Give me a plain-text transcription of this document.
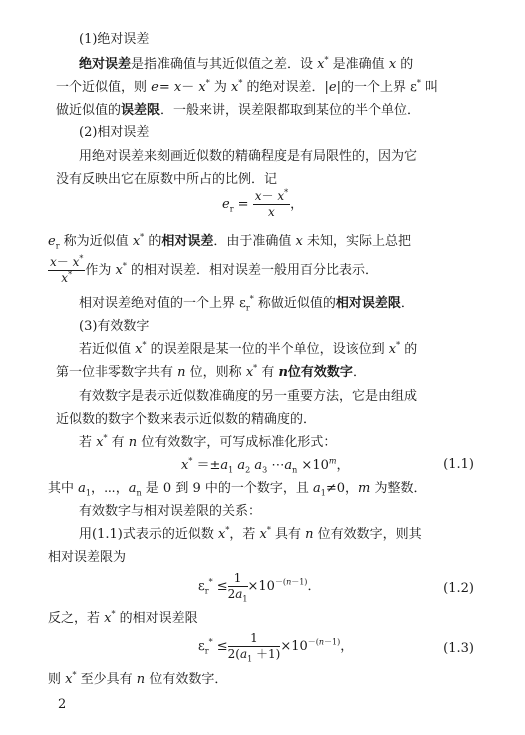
(1)绝对误差
绝对误差是指准确值与其近似值之差．设 x* 是准确值 x 的
一个近似值，则 e= x－ x* 为 x* 的绝对误差．|e|的一个上界 ε* 叫
做近似值的误差限．一般来讲，误差限都取到某位的半个单位．
(2)相对误差
用绝对误差来刻画近似数的精确程度是有局限性的，因为它
没有反映出它在原数中所占的比例．记
$e_r = \frac{x- x^*}{x}$ ，
$e_r$ 称为近似值 x* 的相对误差．由于准确值 x 未知，实际上总把
$\frac{x- x^*}{x^*}$ 作为 x* 的相对误差．相对误差一般用百分比表示．
相对误差绝对值的一个上界 $\varepsilon_r^*$ 称做近似值的相对误差限．
(3)有效数字
若近似值 x* 的误差限是某一位的半个单位，设该位到 x* 的
第一位非零数字共有 n 位，则称 x* 有 n位有效数字．
有效数字是表示近似数准确度的另一重要方法，它是由组成
近似数的数字个数来表示近似数的精确度的．
若 x* 有 n 位有效数字，可写成标准化形式：
$x^* =\pm a_1$ $a_2$ $a_3$ $\cdots a_n \times 10^m$，	(1.1)
其中 $a_1$，⋯，$a_n$ 是 0 到 9 中的一个数字，且 $a_1\ne 0$，m 为整数．
有效数字与相对误差限的关系：
用(1.1)式表示的近似数 x*，若 x* 具有 n 位有效数字，则其
相对误差限为
$\varepsilon_r^* \le \frac{1}{2a_1} \times 10^{-(n-1)}$．	(1.2)
反之，若 x* 的相对误差限
$\varepsilon_r^* \le \frac{1}{2(a_1 +1)} \times 10^{-(n-1)}$，	(1.3)
则 x* 至少具有 n 位有效数字．
2
